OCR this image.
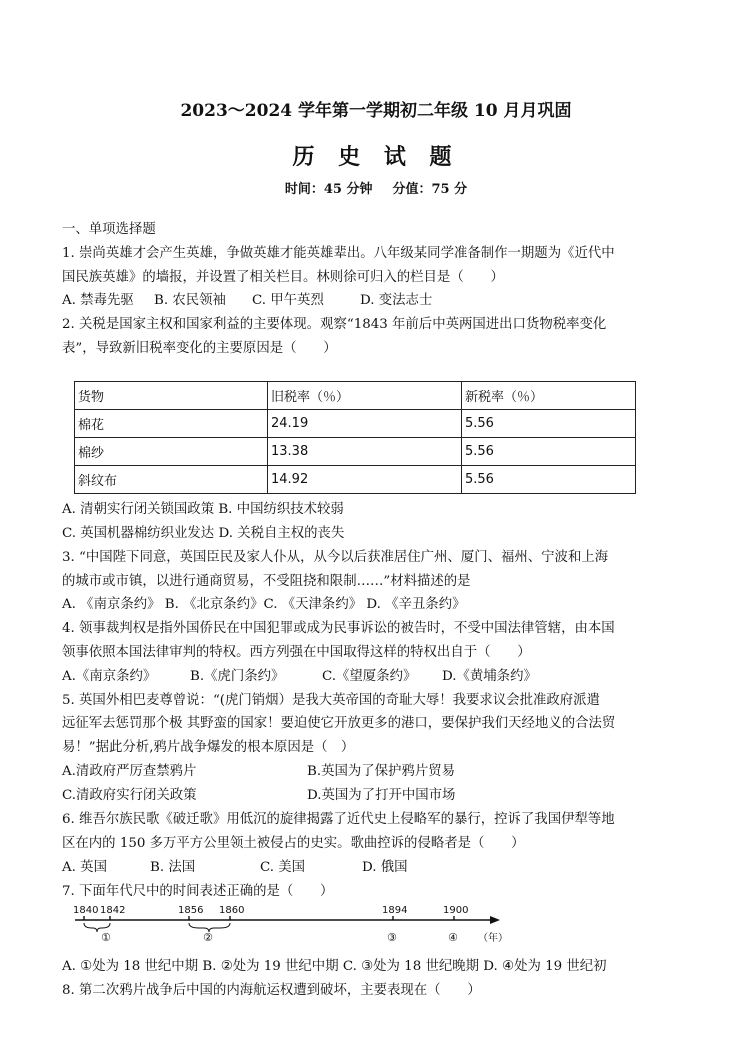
2023～2024 学年第一学期初二年级 10 月月巩固
历 史 试 题
时间：45 分钟 分值：75 分
一、单项选择题
1. 崇尚英雄才会产生英雄，争做英雄才能英雄辈出。八年级某同学准备制作一期题为《近代中
国民族英雄》的墙报，并设置了相关栏目。林则徐可归入的栏目是（　　）
A. 禁毒先驱 B. 农民领袖 C. 甲午英烈	D. 变法志士
2. 关税是国家主权和国家利益的主要体现。观察“1843 年前后中英两国进出口货物税率变化
表”，导致新旧税率变化的主要原因是（　　）
货物	旧税率（％）	新税率（％）
棉花	24.19	5.56
棉纱	13.38	5.56
斜纹布	14.92	5.56
A. 清朝实行闭关锁国政策 B. 中国纺织技术较弱
C. 英国机器棉纺织业发达 D. 关税自主权的丧失
3. “中国陛下同意，英国臣民及家人仆从，从今以后获准居住广州、厦门、福州、宁波和上海
的城市或市镇，以进行通商贸易，不受阻挠和限制……”材料描述的是
A. 《南京条约》 B. 《北京条约》C. 《天津条约》 D. 《辛丑条约》
4. 领事裁判权是指外国侨民在中国犯罪或成为民事诉讼的被告时，不受中国法律管辖，由本国
领事依照本国法律审判的特权。西方列强在中国取得这样的特权出自于（　　）
A.《南京条约》	B.《虎门条约》	C.《望厦条约》 D.《黄埔条约》
5. 英国外相巴麦尊曾说：“(虎门销烟）是我大英帝国的奇耻大辱！我要求议会批准政府派遣
远征军去惩罚那个极 其野蛮的国家！要迫使它开放更多的港口，要保护我们天经地义的合法贸
易！”据此分析,鸦片战争爆发的根本原因是（　）
A.清政府严厉查禁鸦片	B.英国为了保护鸦片贸易
C.清政府实行闭关政策	D.英国为了打开中国市场
6. 维吾尔族民歌《破迁歌》用低沉的旋律揭露了近代史上侵略军的暴行，控诉了我国伊犁等地
区在内的 150 多万平方公里领土被侵占的史实。歌曲控诉的侵略者是（　　）
A. 英国	B. 法国	C. 美国	D. 俄国
7. 下面年代尺中的时间表述正确的是（　　）
1840 1842	1856 1860	1894	1900
①	②	③	④ （年）
A. ①处为 18 世纪中期 B. ②处为 19 世纪中期 C. ③处为 18 世纪晚期 D. ④处为 19 世纪初
8. 第二次鸦片战争后中国的内海航运权遭到破坏，主要表现在（　　）
